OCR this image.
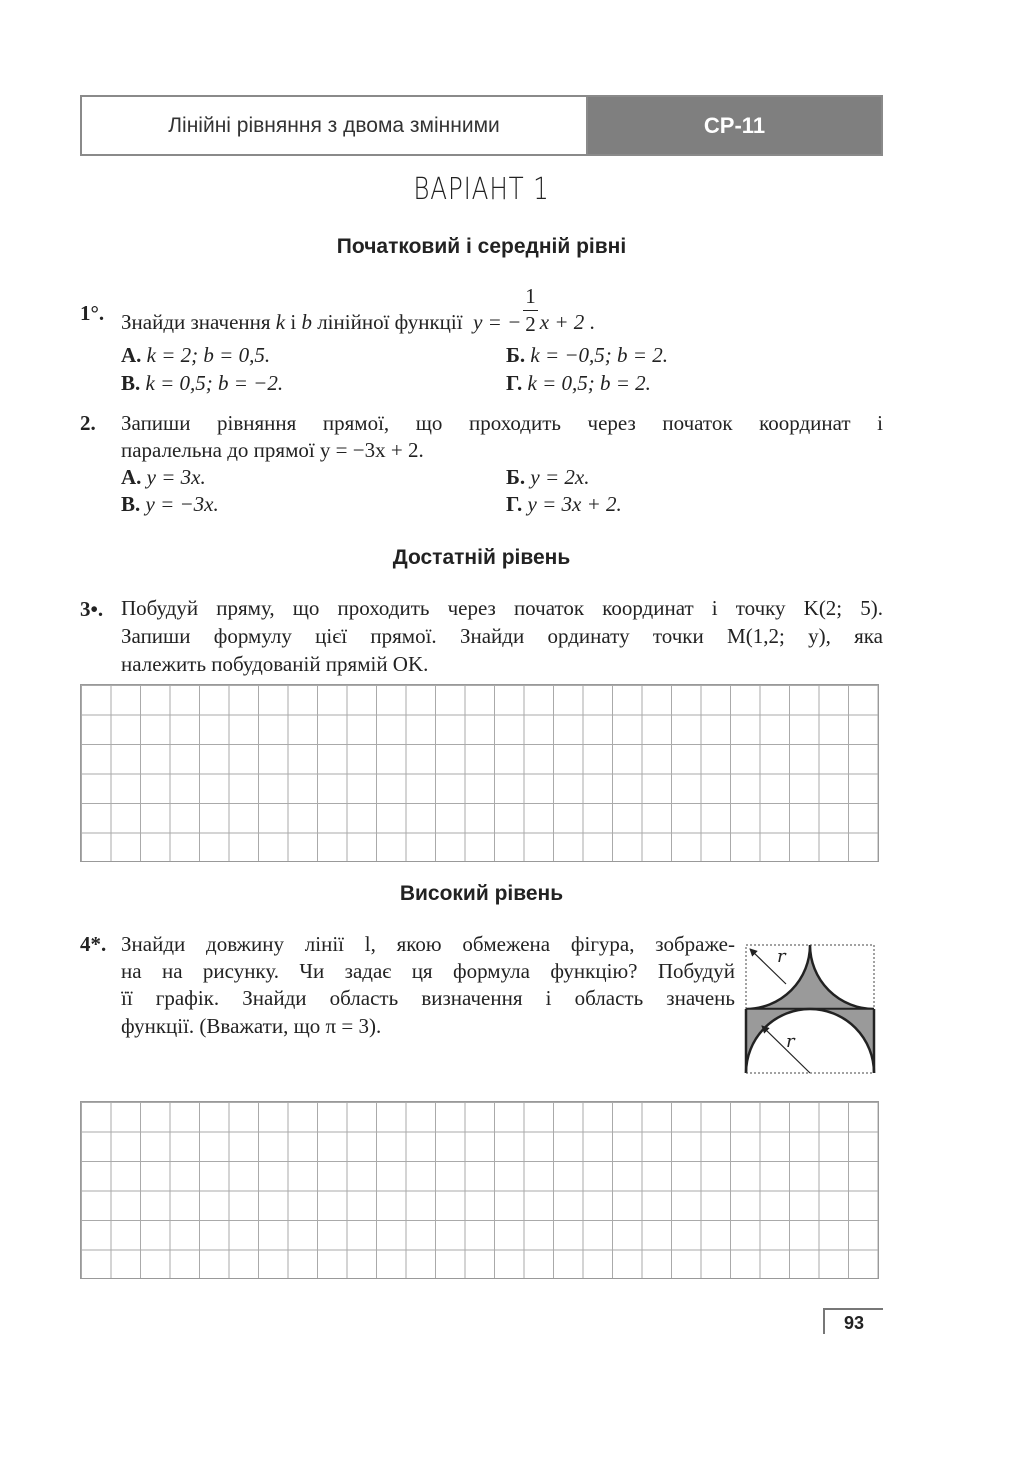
Лінійні рівняння з двома змінними	СР-11
ВАРІАНТ 1
Початковий і середній рівні
1°. Знайди значення k і b лінійної функції y = − $\frac{1}{2}$ x + 2 .
А. k = 2; b = 0,5.	Б. k = −0,5; b = 2.
В. k = 0,5; b = −2.	Г. k = 0,5; b = 2.
2. Запиши рівняння прямої, що проходить через початок координат і
паралельна до прямої y = −3x + 2.
А. y = 3x.	Б. y = 2x.
В. y = −3x.	Г. y = 3x + 2.
Достатній рівень
3•. Побудуй пряму, що проходить через початок координат і точку K(2; 5).
Запиши формулу цієї прямої. Знайди ординату точки M(1,2; y), яка
належить побудованій прямій OK.
Високий рівень
4*. Знайди довжину лінії l, якою обмежена фігура, зображе-
на на рисунку. Чи задає ця формула функцію? Побудуй
її графік. Знайди область визначення і область значень
функції. (Вважати, що π = 3).
r
r
93
